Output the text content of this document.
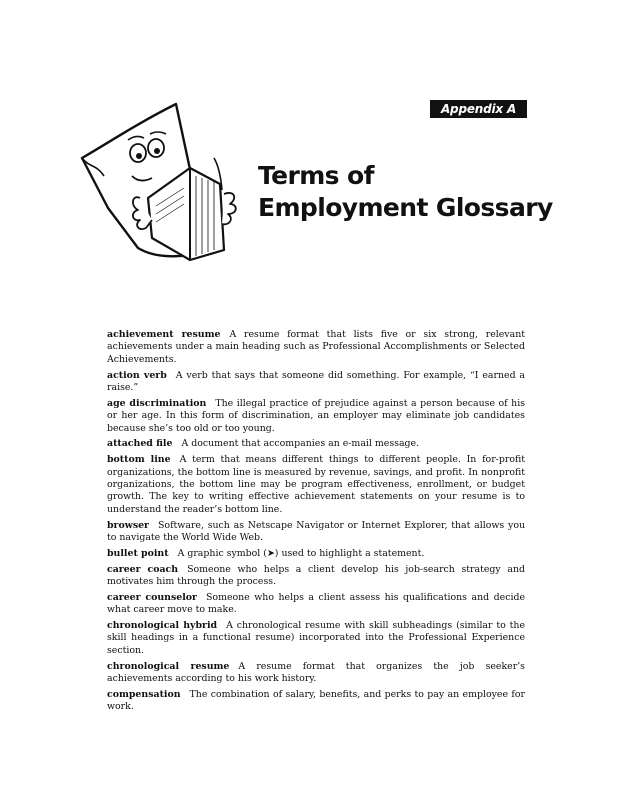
Appendix A
Terms of
Employment Glossary

achievement resume A resume format that lists five or six strong, relevant achievements under a main heading such as Professional Accomplishments or Selected Achievements.

action verb A verb that says that someone did something. For example, “I earned a raise.”

age discrimination The illegal practice of prejudice against a person because of his or her age. In this form of discrimination, an employer may eliminate job candidates because she’s too old or too young.

attached file A document that accompanies an e-mail message.

bottom line A term that means different things to different people. In for-profit organizations, the bottom line is measured by revenue, savings, and profit. In nonprofit organizations, the bottom line may be program effectiveness, enrollment, or budget growth. The key to writing effective achievement statements on your resume is to understand the reader’s bottom line.

browser Software, such as Netscape Navigator or Internet Explorer, that allows you to navigate the World Wide Web.

bullet point A graphic symbol (➤) used to highlight a statement.

career coach Someone who helps a client develop his job-search strategy and motivates him through the process.

career counselor Someone who helps a client assess his qualifications and decide what career move to make.

chronological hybrid A chronological resume with skill subheadings (similar to the skill headings in a functional resume) incorporated into the Professional Experience section.

chronological resume A resume format that organizes the job seeker’s achievements according to his work history.

compensation The combination of salary, benefits, and perks to pay an employee for work.
